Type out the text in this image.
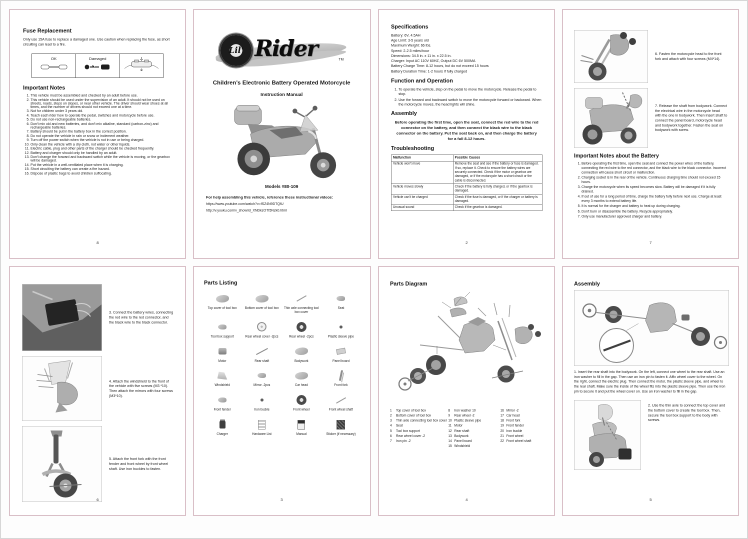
Fuse Replacement
Only use 15A fuse to replace a damaged one. Use caution when replacing the fuse, as short circuiting can lead to a fire.
OK	Damaged
Important Notes
1. This vehicle must be assembled and checked by an adult before use.
2. This vehicle should be used under the supervision of an adult. It should not be used on streets, roads, steps on slopes, or near other vehicle. The driver should wear shoes at all times, and the number of drivers should not exceed one at a time.
3. Not for children under 3 years old.
4. Teach each rider how to operate the pedal, switches and motorcycle before use.
5. Do not use non-rechargeable batteries.
6. Don't mix old and new batteries, and don't mix alkaline, standard (carbon-zinc) and rechargeable batteries.
7. Battery should be put in the battery box in the correct position.
8. Do not operate the vehicle in rain or snow or inclement weather.
9. Turn off the power switch when the vehicle is not in use or being charged.
10. Only clean the vehicle with a dry cloth, not water or other liquids.
11. Electric cable, plug and other parts of the charger should be checked frequently.
12. Battery and charger should only be handled by an adult.
13. Don't change the forward and backward switch while the vehicle is moving, or the gearbox will be damaged.
14. Put the vehicle in a well-ventilated place when it is charging.
15. Short circuiting the battery can create a fire hazard.
16. Dispose of plastic bags to avoid children suffocating.
8
Lil' Rider	TM
Children's Electronic Battery Operated Motorcycle
Instruction Manual
Models #80-109
For help assembling this vehicle, reference these instructional videos:
https://www.youtube.com/watch?v=fSZ4N9DTQfU
http://v.youku.com/v_show/id_XNDkzOTI5Nzk0.html
Specifications
Battery: 6V, 4.5AH
Age Limit: 3-5 years old
Maximum Weight: 66 lbs.
Speed: 2-2.5 miles/hour
Dimensions: 34.5 in. x 11 in. x 22.5 in.
Charger: Input AC 110V 60HZ, Output DC 6V 500MA
Battery Charge Time: 8-12 hours, but do not exceed 15 hours
Battery Duration Time: 1-2 hours if fully charged
Function and Operation
1. To operate the vehicle, step on the pedal to move the motorcycle. Release the pedal to stop.
2. Use the forward and backward switch to move the motorcycle forward or backward. When the motorcycle moves, the head lights will shine.
Assembly
Before operating the first time, open the seat, connect the red wire to the red connector on the battery, and then connect the black wire to the black connector on the battery. Put the seat back on, and then charge the battery for a full 8-12 hours.
Troubleshooting
Malfunction	Possible Causes
Vehicle won't move	Remove the seat and see if the battery or fuse is damaged. If so, replace it. Check to ensure the battery wires are securely connected. Check if the motor or gearbox are damaged, or if the motorcycle has a short circuit or the cable is disconnected.
Vehicle moves slowly	Check if the battery is fully charged, or if the gearbox is damaged.
Vehicle can't be charged	Check if the fuse is damaged, or if the charger or battery is damaged.
Unusual sound	Check if the gearbox is damaged.
2
6. Fasten the motorcycle head to the front fork and attach with four screws (M4*14).
7. Release the shaft from bodywork. Connect the electrical wire in the motorcycle head with the one in bodywork. Then insert shaft to connect the panel board, motorcycle head and bodywork together. Fasten the seat on bodywork with screw.
Important Notes about the Battery
1. Before operating the first time, open the seat and connect the power wires of the battery, connecting the red wire to the red connector, and the black wire to the black connector. Incorrect connection will cause short circuit or malfunction.
2. Charging socket is in the rear of the vehicle. Continuous charging time should not exceed 15 hours.
3. Charge the motorcycle when its speed becomes slow. Battery will be damaged if it is fully drained.
4. If out of use for a long period of time, charge the battery fully before next use. Charge at least every 3 months to extend battery life.
5. It is normal for the charger and battery to heat up during charging.
6. Don't burn or disassemble the battery. Recycle appropriately.
7. Only use manufacturer approved charger and battery.
7
3. Connect the battery wires, connecting the red wire to the red connector, and the black wire to the black connector.
4. Attach the windshield to the front of the vehicle with five screws (M3 *10). Then attach the mirrors with four screws (M3*10).
5. Attach the front fork with the front fender and front wheel by front wheel shaft. Use iron buckles to fasten.
6
Parts Listing
Top cover of tool box Bottom cover of tool box Thin axle connecting tool box cover
Seat
Tool box support Rear wheel cover -2pcs Rear wheel -2pcs Plastic sleeve pipe
Motor	Rear shaft	Bodywork	Panel board
Windshield	Mirror -2pcs	Car head	Front fork
Front fender	Iron buckle	Front wheel	Front wheel shaft
Charger	Hardware List	Manual	Sticker (if necessary)
3
Parts Diagram
1 Top cover of tool box
2 Bottom cover of tool box
3 Thin axle connecting tool box cover
4 Seat
5 Tool box support
6 Rear wheel cover -2
7 Iron pin -2
8 Iron washer 10
9 Rear wheel -2
10 Plastic sleeve pipe
11 Motor
12 Rear shaft
13 Bodywork
14 Panel board
15 Windshield
16 Mirror -2
17 Car head
18 Front fork
19 Front fender
20 Iron buckle
21 Front wheel
22 Front wheel shaft
4
Assembly
1. Insert the rear shaft into the bodywork. On the left, connect one wheel to the rear shaft. Use an iron washer to fill in the gap. Then use an iron pin to fasten it. Affix wheel cover to the wheel. On the right, connect the electric plug. Then connect the motor, the plastic sleeve pipe, and wheel to the rear shaft. Make sure the inside of the wheel fits into the plastic sleeve pipe. Then use the iron pin to secure it and put the wheel cover on. Use an iron washer to fill in the gap.
2. Use the thin axle to connect the top cover and the bottom cover to create the tool box. Then, secure the tool box support to the body with screws.
5
